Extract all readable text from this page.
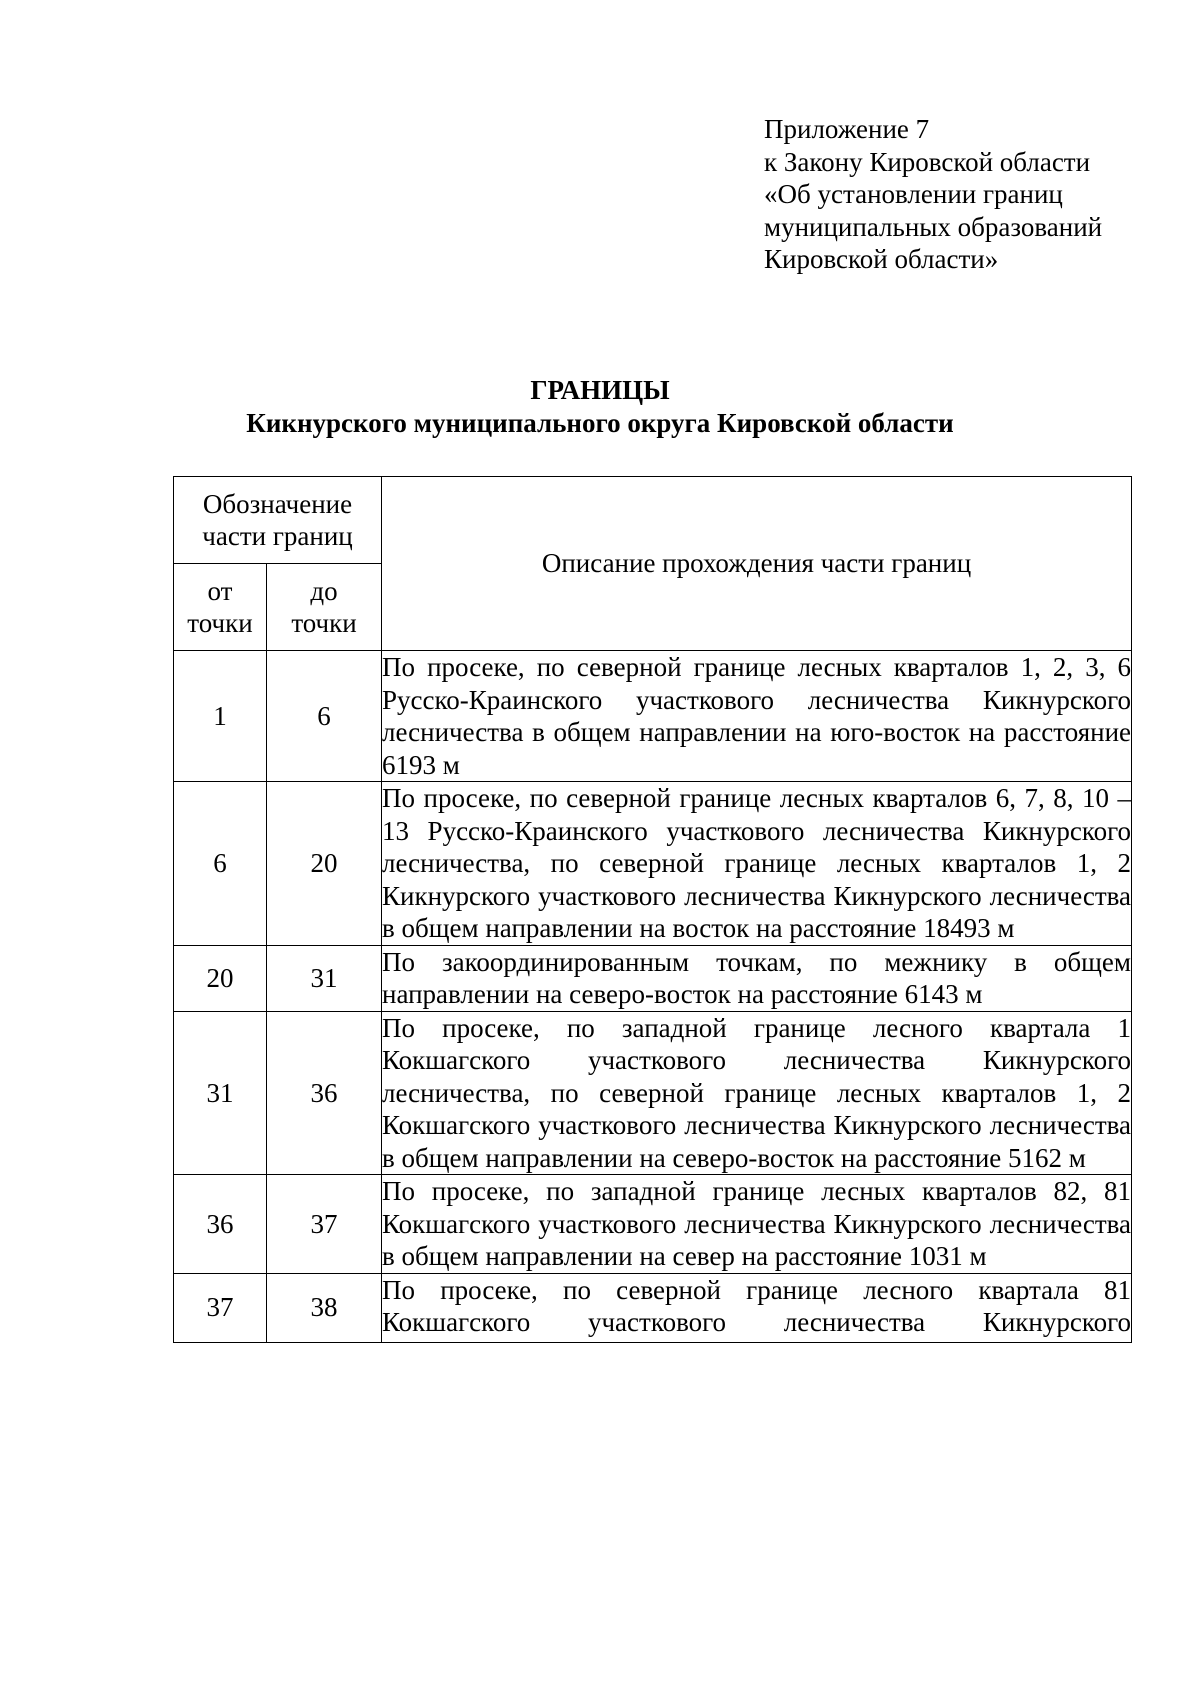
Приложение 7
к Закону Кировской области
«Об установлении границ
муниципальных образований
Кировской области»
ГРАНИЦЫ
Кикнурского муниципального округа Кировской области
Обозначение
части границ		Описание прохождения части границ

от
точки	до
точки	

1	6	По просеке, по северной границе лесных кварталов 1, 2, 3, 6 Русско-Краинского участкового лесничества Кикнурского лесничества в общем направлении на юго-восток на расстояние 6193 м
6	20	По просеке, по северной границе лесных кварталов 6, 7, 8, 10 – 13 Русско-Краинского участкового лесничества Кикнурского лесничества, по северной границе лесных кварталов 1, 2 Кикнурского участкового лесничества Кикнурского лесничества в общем направлении на восток на расстояние 18493 м
20	31	По закоординированным точкам, по межнику в общем направлении на северо-восток на расстояние 6143 м
31	36	По просеке, по западной границе лесного квартала 1 Кокшагского участкового лесничества Кикнурского лесничества, по северной границе лесных кварталов 1, 2 Кокшагского участкового лесничества Кикнурского лесничества в общем направлении на северо-восток на расстояние 5162 м
36	37	По просеке, по западной границе лесных кварталов 82, 81 Кокшагского участкового лесничества Кикнурского лесничества в общем направлении на север на расстояние 1031 м
37	38	По просеке, по северной границе лесного квартала 81 Кокшагского участкового лесничества Кикнурского
